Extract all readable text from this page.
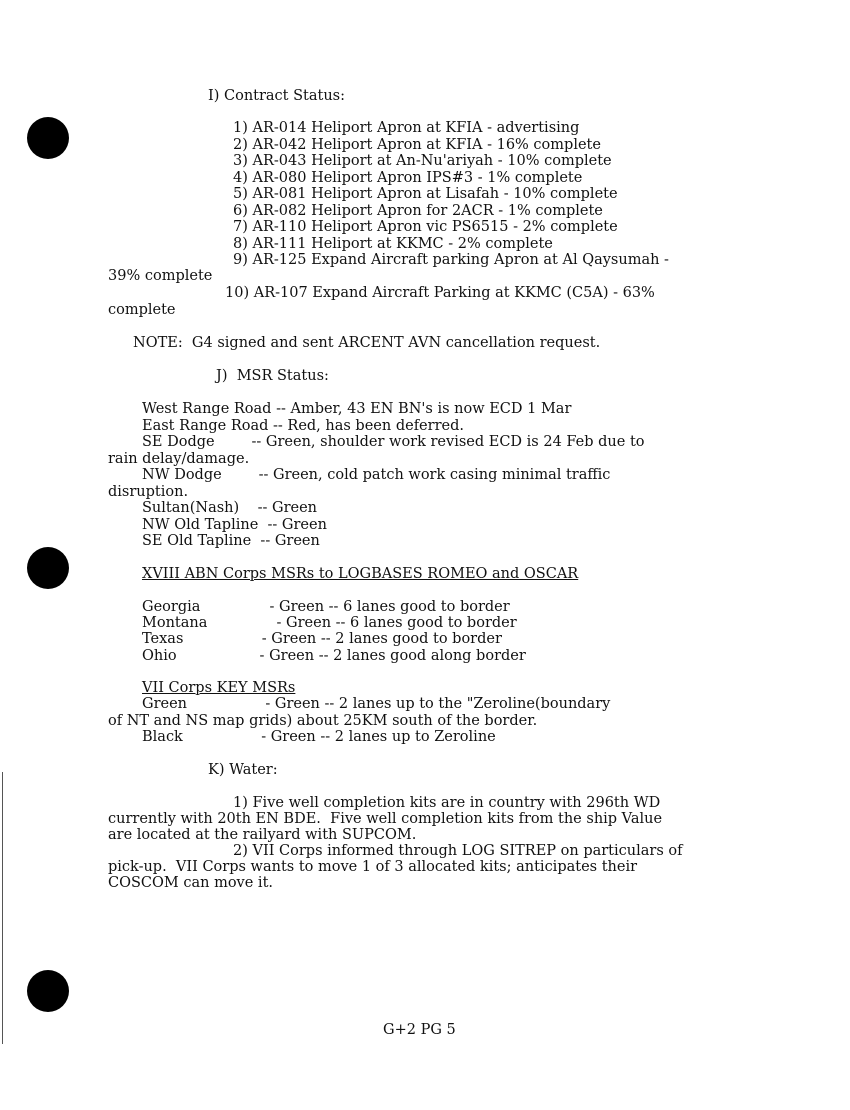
I) Contract Status:
1) AR-014 Heliport Apron at KFIA - advertising
2) AR-042 Heliport Apron at KFIA - 16% complete
3) AR-043 Heliport at An-Nu'ariyah - 10% complete
4) AR-080 Heliport Apron IPS#3 - 1% complete
5) AR-081 Heliport Apron at Lisafah - 10% complete
6) AR-082 Heliport Apron for 2ACR - 1% complete
7) AR-110 Heliport Apron vic PS6515 - 2% complete
8) AR-111 Heliport at KKMC - 2% complete
9) AR-125 Expand Aircraft parking Apron at Al Qaysumah -
39% complete
10) AR-107 Expand Aircraft Parking at KKMC (C5A) - 63%
complete
NOTE:  G4 signed and sent ARCENT AVN cancellation request.
J)  MSR Status:
West Range Road -- Amber, 43 EN BN's is now ECD 1 Mar
East Range Road -- Red, has been deferred.
SE Dodge        -- Green, shoulder work revised ECD is 24 Feb due to
rain delay/damage.
NW Dodge        -- Green, cold patch work casing minimal traffic
disruption.
Sultan(Nash)    -- Green
NW Old Tapline  -- Green
SE Old Tapline  -- Green
XVIII ABN Corps MSRs to LOGBASES ROMEO and OSCAR
Georgia               - Green -- 6 lanes good to border
Montana               - Green -- 6 lanes good to border
Texas                 - Green -- 2 lanes good to border
Ohio                  - Green -- 2 lanes good along border
VII Corps KEY MSRs
Green                 - Green -- 2 lanes up to the "Zeroline(boundary
of NT and NS map grids) about 25KM south of the border.
Black                 - Green -- 2 lanes up to Zeroline
K) Water:
1) Five well completion kits are in country with 296th WD
currently with 20th EN BDE.  Five well completion kits from the ship Value
are located at the railyard with SUPCOM.
2) VII Corps informed through LOG SITREP on particulars of
pick-up.  VII Corps wants to move 1 of 3 allocated kits; anticipates their
COSCOM can move it.
G+2 PG 5
